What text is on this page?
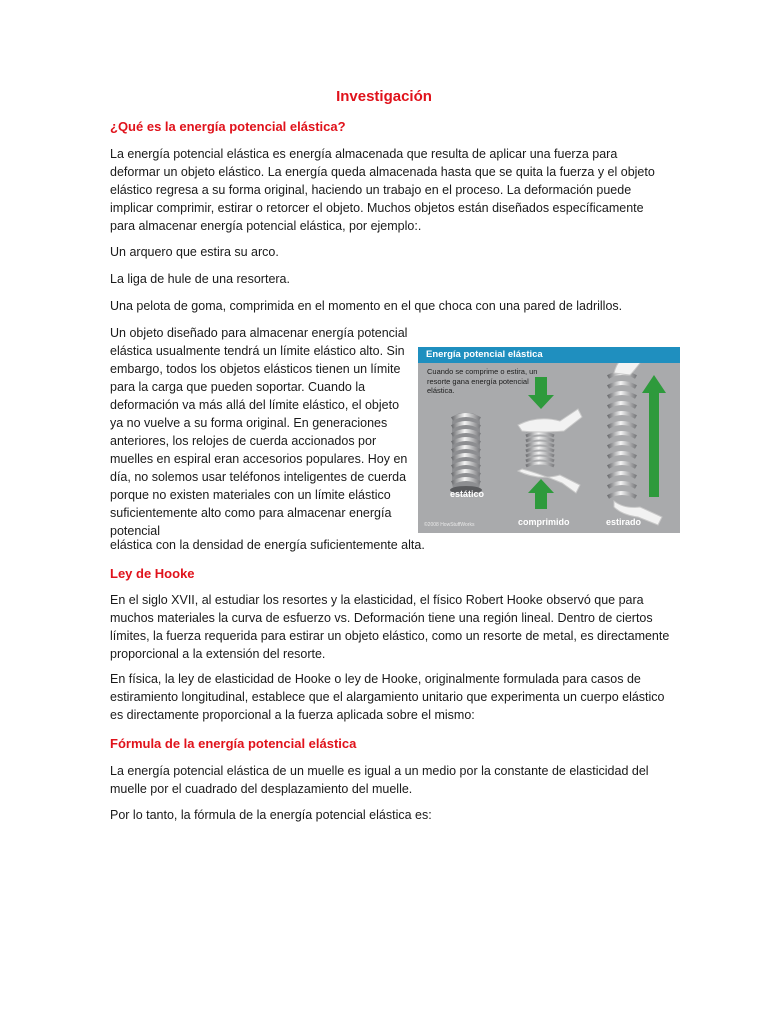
Investigación
¿Qué es la energía potencial elástica?

La energía potencial elástica es energía almacenada que resulta de aplicar una fuerza para deformar un objeto elástico. La energía queda almacenada hasta que se quita la fuerza y el objeto elástico regresa a su forma original, haciendo un trabajo en el proceso. La deformación puede implicar comprimir, estirar o retorcer el objeto. Muchos objetos están diseñados específicamente para almacenar energía potencial elástica, por ejemplo:.

Un arquero que estira su arco.

La liga de hule de una resortera.

Una pelota de goma, comprimida en el momento en el que choca con una pared de ladrillos.

Un objeto diseñado para almacenar energía potencial elástica usualmente tendrá un límite elástico alto. Sin embargo, todos los objetos elásticos tienen un límite para la carga que pueden soportar. Cuando la deformación va más allá del límite elástico, el objeto ya no vuelve a su forma original. En generaciones anteriores, los relojes de cuerda accionados por muelles en espiral eran accesorios populares. Hoy en día, no solemos usar teléfonos inteligentes de cuerda porque no existen materiales con un límite elástico suficientemente alto como para almacenar energía potencial

elástica con la densidad de energía suficientemente alta.

Energía potencial elástica
Cuando se comprime o estira, un resorte gana energía potencial elástica.
estático
comprimido	estirado
©2008 HowStuffWorks
Ley de Hooke

En el siglo XVII, al estudiar los resortes y la elasticidad, el físico Robert Hooke observó que para muchos materiales la curva de esfuerzo vs. Deformación tiene una región lineal. Dentro de ciertos límites, la fuerza requerida para estirar un objeto elástico, como un resorte de metal, es directamente proporcional a la extensión del resorte.

En física, la ley de elasticidad de Hooke o ley de Hooke, originalmente formulada para casos de estiramiento longitudinal, establece que el alargamiento unitario que experimenta un cuerpo elástico es directamente proporcional a la fuerza aplicada sobre el mismo:

Fórmula de la energía potencial elástica

La energía potencial elástica de un muelle es igual a un medio por la constante de elasticidad del muelle por el cuadrado del desplazamiento del muelle.

Por lo tanto, la fórmula de la energía potencial elástica es:
